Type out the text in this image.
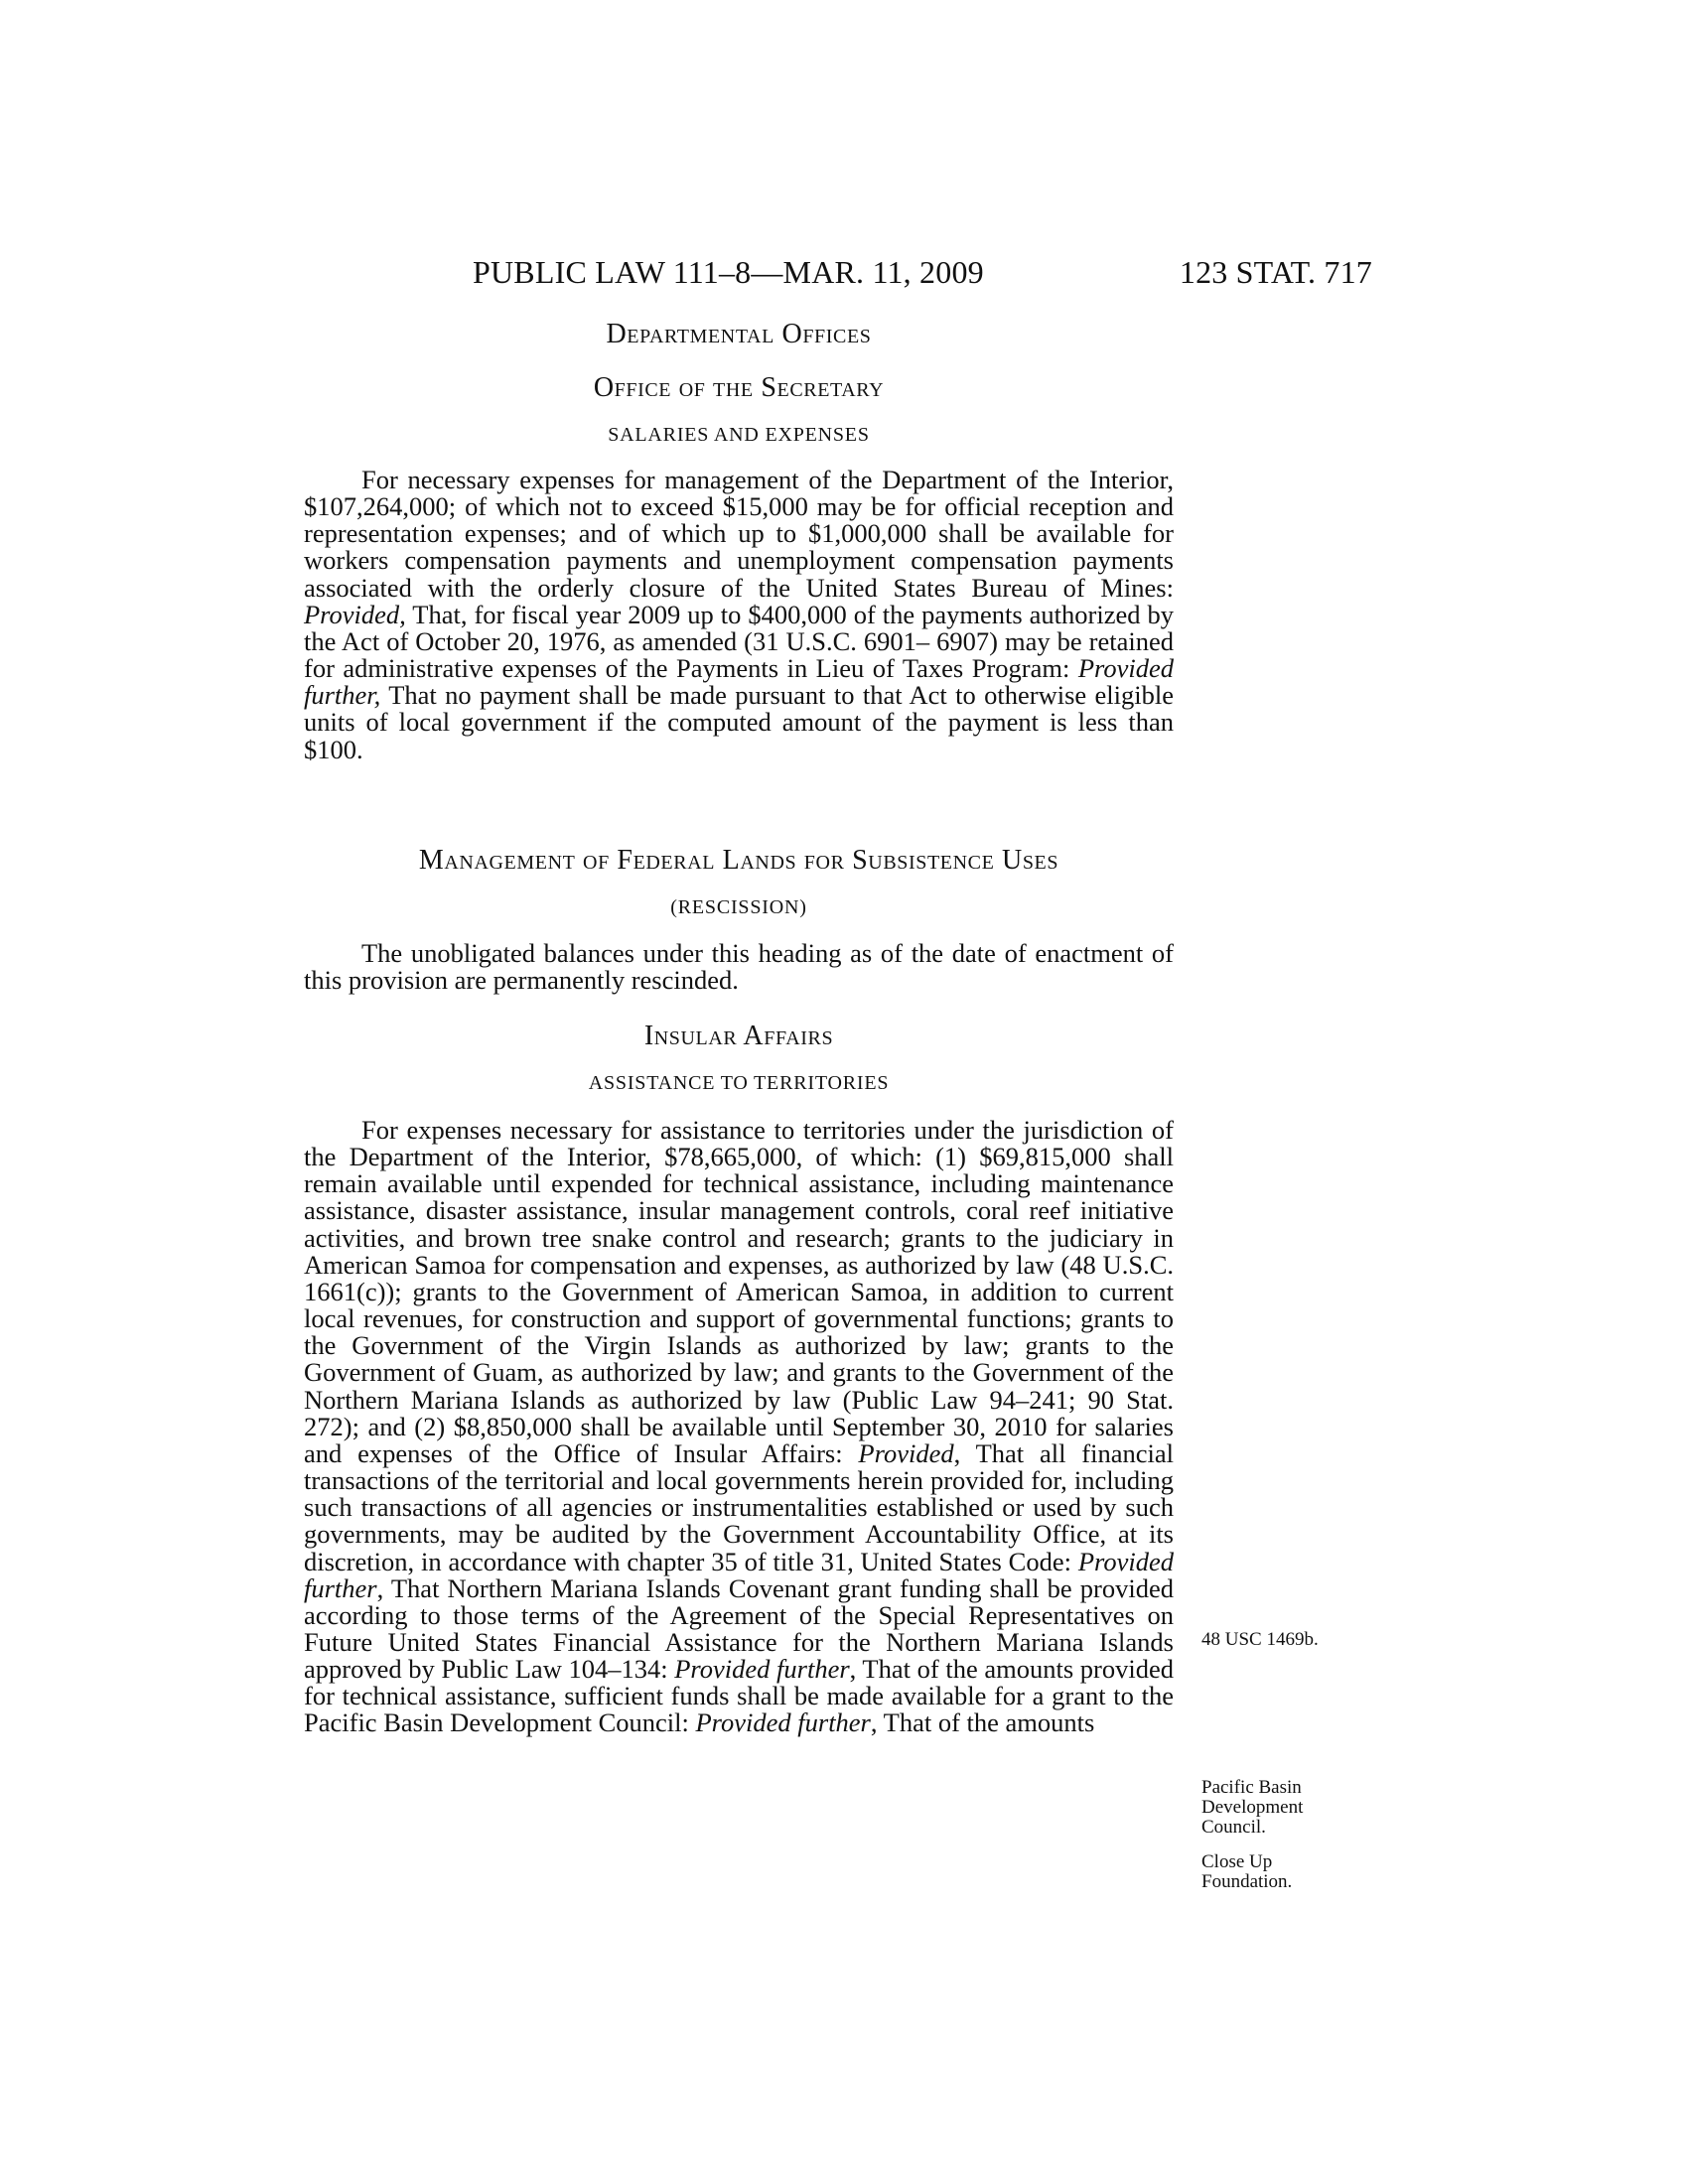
PUBLIC LAW 111–8—MAR. 11, 2009	123 STAT. 717
Departmental Offices
Office of the Secretary
SALARIES AND EXPENSES

For necessary expenses for management of the Department of the Interior, $107,264,000; of which not to exceed $15,000 may be for official reception and representation expenses; and of which up to $1,000,000 shall be available for workers compensation payments and unemployment compensation payments associated with the orderly closure of the United States Bureau of Mines: Provided, That, for fiscal year 2009 up to $400,000 of the payments authorized by the Act of October 20, 1976, as amended (31 U.S.C. 6901– 6907) may be retained for administrative expenses of the Payments in Lieu of Taxes Program: Provided further, That no payment shall be made pursuant to that Act to otherwise eligible units of local government if the computed amount of the payment is less than $100.

Management of Federal Lands for Subsistence Uses
(RESCISSION)

The unobligated balances under this heading as of the date of enactment of this provision are permanently rescinded.

Insular Affairs
ASSISTANCE TO TERRITORIES

For expenses necessary for assistance to territories under the jurisdiction of the Department of the Interior, $78,665,000, of which: (1) $69,815,000 shall remain available until expended for technical assistance, including maintenance assistance, disaster assistance, insular management controls, coral reef initiative activities, and brown tree snake control and research; grants to the judiciary in American Samoa for compensation and expenses, as authorized by law (48 U.S.C. 1661(c)); grants to the Government of American Samoa, in addition to current local revenues, for construction and support of governmental functions; grants to the Government of the Virgin Islands as authorized by law; grants to the Government of Guam, as authorized by law; and grants to the Government of the Northern Mariana Islands as authorized by law (Public Law 94–241; 90 Stat. 272); and (2) $8,850,000 shall be available until September 30, 2010 for salaries and expenses of the Office of Insular Affairs: Provided, That all financial transactions of the territorial and local governments herein provided for, including such transactions of all agencies or instrumentalities established or used by such governments, may be audited by the Government Accountability Office, at its discretion, in accordance with chapter 35 of title 31, United States Code: Provided further, That Northern Mariana Islands Covenant grant funding shall be provided according to those terms of the Agreement of the Special Representatives on Future United States Financial Assistance for the Northern Mariana Islands approved by Public Law 104–134: Provided further, That of the amounts provided for technical assistance, sufficient funds shall be made available for a grant to the Pacific Basin Development Council: Provided further, That of the amounts

48 USC 1469b.
Pacific Basin
Development
Council.
Close Up
Foundation.
